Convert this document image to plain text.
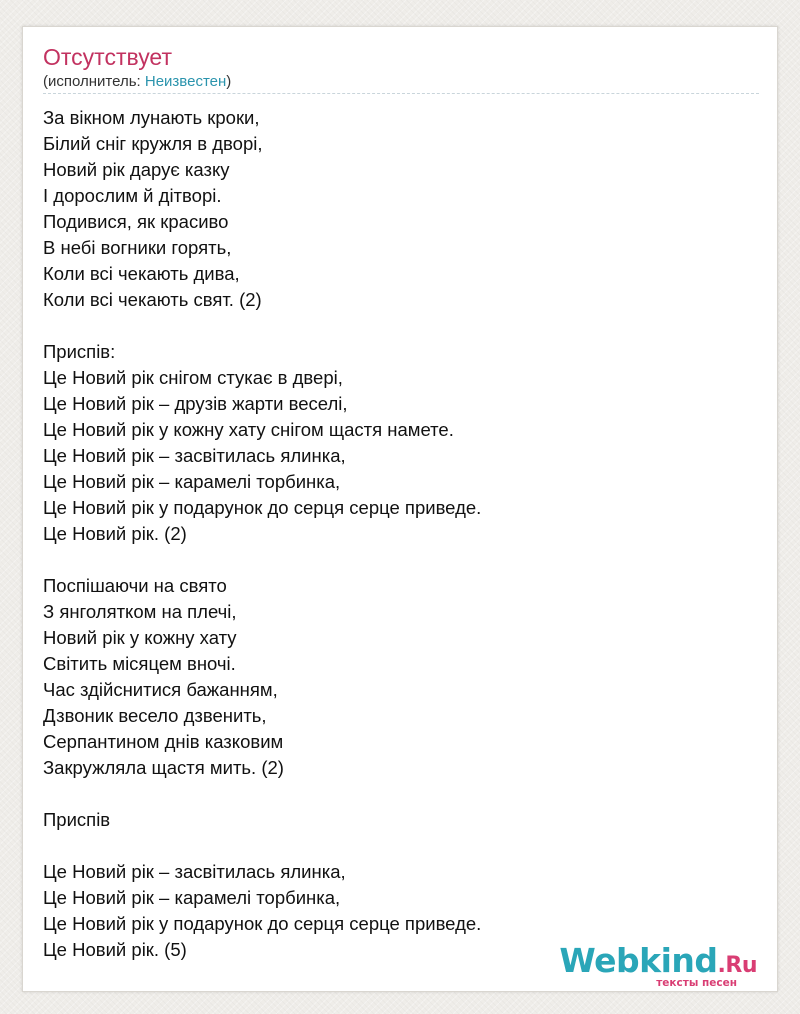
Отсутствует
(исполнитель: Неизвестен)
За вікном лунають кроки,
Білий сніг кружля в дворі,
Новий рік дарує казку
І дорослим й дітворі.
Подивися, як красиво
В небі вогники горять,
Коли всі чекають дива,
Коли всі чекають свят. (2)
Приспів:
Це Новий рік снігом стукає в двері,
Це Новий рік – друзів жарти веселі,
Це Новий рік у кожну хату снігом щастя намете.
Це Новий рік – засвітилась ялинка,
Це Новий рік – карамелі торбинка,
Це Новий рік у подарунок до серця серце приведе.
Це Новий рік. (2)
Поспішаючи на свято
З янголятком на плечі,
Новий рік у кожну хату
Світить місяцем вночі.
Час здійснитися бажанням,
Дзвоник весело дзвенить,
Серпантином днів казковим
Закружляла щастя мить. (2)
Приспів
Це Новий рік – засвітилась ялинка,
Це Новий рік – карамелі торбинка,
Це Новий рік у подарунок до серця серце приведе.
Це Новий рік. (5)	Webkind.Ru
тексты песен
